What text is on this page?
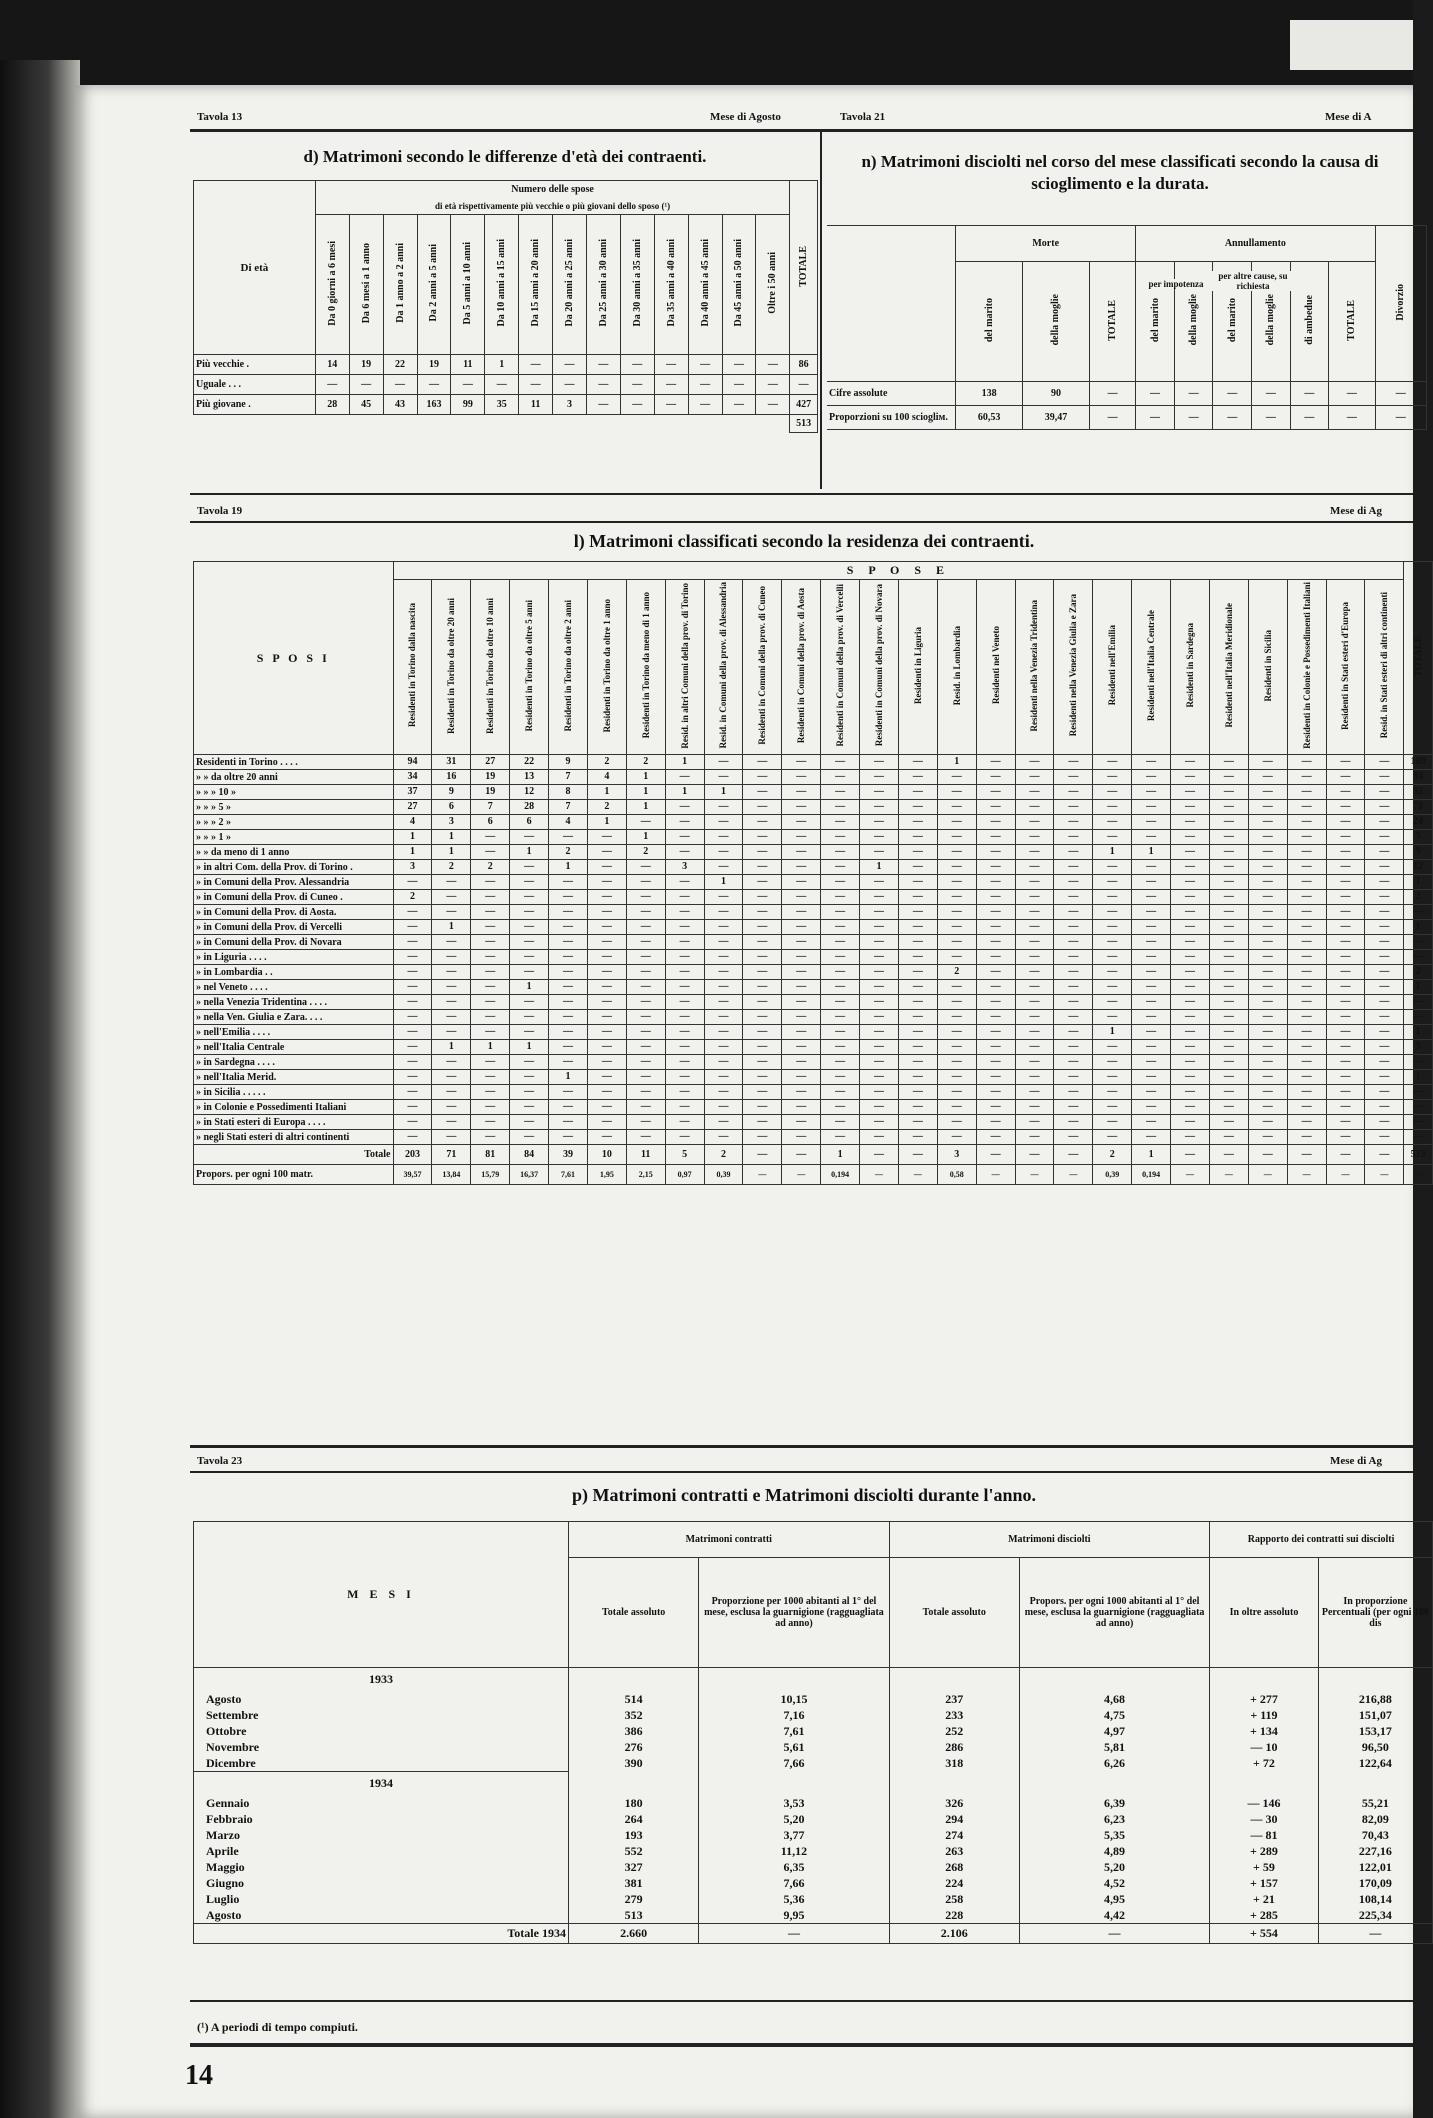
Tavola 13	Mese di Agosto	Tavola 21	Mese di A
d) Matrimoni secondo le differenze d'età dei contraenti.
Di età	Numero delle spose														TOTALE
	di età rispettivamente più vecchie o più giovani dello sposo (¹)														
	Da 0 giorni a 6 mesi	Da 6 mesi a 1 anno	Da 1 anno a 2 anni	Da 2 anni a 5 anni	Da 5 anni a 10 anni	Da 10 anni a 15 anni	Da 15 anni a 20 anni	Da 20 anni a 25 anni	Da 25 anni a 30 anni	Da 30 anni a 35 anni	Da 35 anni a 40 anni	Da 40 anni a 45 anni	Da 45 anni a 50 anni	Oltre i 50 anni	
Più vecchie .	14	19	22	19	11	1	—	—	—	—	—	—	—	—	86
Uguale . . .	—	—	—	—	—	—	—	—	—	—	—	—	—	—	—
Più giovane .	28	45	43	163	99	35	11	3	—	—	—	—	—	—	427
															513
n) Matrimoni disciolti nel corso del mese classificati secondo la causa di scioglimento e la durata.
	Morte			Annullamento						Divorzio
	del marito	della moglie	TOTALE	del marito	della moglie	del marito	della moglie	di ambedue	TOTALE	
Cifre assolute	138	90	—	—	—	—	—	—	—	—
Proporzioni su 100 sciogliм.	60,53	39,47	—	—	—	—	—	—	—	—
Tavola 19	Mese di Ag
l) Matrimoni classificati secondo la residenza dei contraenti.
S P O S I	S P O S E																										TOTALE
	Residenti in Torino dalla nascita	Residenti in Torino da oltre 20 anni	Residenti in Torino da oltre 10 anni	Residenti in Torino da oltre 5 anni	Residenti in Torino da oltre 2 anni	Residenti in Torino da oltre 1 anno	Residenti in Torino da meno di 1 anno	Resid. in altri Comuni della prov. di Torino	Resid. in Comuni della prov. di Alessandria	Residenti in Comuni della prov. di Cuneo	Residenti in Comuni della prov. di Aosta	Residenti in Comuni della prov. di Vercelli	Residenti in Comuni della prov. di Novara	Residenti in Liguria	Resid. in Lombardia	Residenti nel Veneto	Residenti nella Venezia Tridentina	Residenti nella Venezia Giulia e Zara	Residenti nell'Emilia	Residenti nell'Italia Centrale	Residenti in Sardegna	Residenti nell'Italia Meridionale	Residenti in Sicilia	Residenti in Colonie e Possedimenti Italiani	Residenti in Stati esteri d'Europa	Resid. in Stati esteri di altri continenti	
Residenti in Torino . . . .	94	31	27	22	9	2	2	1	—	—	—	—	—	—	1	—	—	—	—	—	—	—	—	—	—	—	189
» » da oltre 20 anni	34	16	19	13	7	4	1	—	—	—	—	—	—	—	—	—	—	—	—	—	—	—	—	—	—	—	94
» » » 10 »	37	9	19	12	8	1	1	1	1	—	—	—	—	—	—	—	—	—	—	—	—	—	—	—	—	—	92
» » » 5 »	27	6	7	28	7	2	1	—	—	—	—	—	—	—	—	—	—	—	—	—	—	—	—	—	—	—	78
» » » 2 »	4	3	6	6	4	1	—	—	—	—	—	—	—	—	—	—	—	—	—	—	—	—	—	—	—	—	24
» » » 1 »	1	1	—	—	—	—	1	—	—	—	—	—	—	—	—	—	—	—	—	—	—	—	—	—	—	—	3
» » da meno di 1 anno	1	1	—	1	2	—	2	—	—	—	—	—	—	—	—	—	—	—	1	1	—	—	—	—	—	—	9
» in altri Com. della Prov. di Torino .	3	2	2	—	1	—	—	3	—	—	—	—	1	—	—	—	—	—	—	—	—	—	—	—	—	—	12
» in Comuni della Prov. Alessandria	—	—	—	—	—	—	—	—	1	—	—	—	—	—	—	—	—	—	—	—	—	—	—	—	—	—	1
» in Comuni della Prov. di Cuneo .	2	—	—	—	—	—	—	—	—	—	—	—	—	—	—	—	—	—	—	—	—	—	—	—	—	—	2
» in Comuni della Prov. di Aosta.	—	—	—	—	—	—	—	—	—	—	—	—	—	—	—	—	—	—	—	—	—	—	—	—	—	—	—
» in Comuni della Prov. di Vercelli	—	1	—	—	—	—	—	—	—	—	—	—	—	—	—	—	—	—	—	—	—	—	—	—	—	—	1
» in Comuni della Prov. di Novara	—	—	—	—	—	—	—	—	—	—	—	—	—	—	—	—	—	—	—	—	—	—	—	—	—	—	—
» in Liguria . . . .	—	—	—	—	—	—	—	—	—	—	—	—	—	—	—	—	—	—	—	—	—	—	—	—	—	—	—
» in Lombardia . .	—	—	—	—	—	—	—	—	—	—	—	—	—	—	2	—	—	—	—	—	—	—	—	—	—	—	2
» nel Veneto . . . .	—	—	—	1	—	—	—	—	—	—	—	—	—	—	—	—	—	—	—	—	—	—	—	—	—	—	1
» nella Venezia Tridentina . . . .	—	—	—	—	—	—	—	—	—	—	—	—	—	—	—	—	—	—	—	—	—	—	—	—	—	—	—
» nella Ven. Giulia e Zara. . . .	—	—	—	—	—	—	—	—	—	—	—	—	—	—	—	—	—	—	—	—	—	—	—	—	—	—	—
» nell'Emilia . . . .	—	—	—	—	—	—	—	—	—	—	—	—	—	—	—	—	—	—	1	—	—	—	—	—	—	—	1
» nell'Italia Centrale	—	1	1	1	—	—	—	—	—	—	—	—	—	—	—	—	—	—	—	—	—	—	—	—	—	—	3
» in Sardegna . . . .	—	—	—	—	—	—	—	—	—	—	—	—	—	—	—	—	—	—	—	—	—	—	—	—	—	—	—
» nell'Italia Merid.	—	—	—	—	1	—	—	—	—	—	—	—	—	—	—	—	—	—	—	—	—	—	—	—	—	—	1
» in Sicilia . . . . .	—	—	—	—	—	—	—	—	—	—	—	—	—	—	—	—	—	—	—	—	—	—	—	—	—	—	—
» in Colonie e Possedimenti Italiani	—	—	—	—	—	—	—	—	—	—	—	—	—	—	—	—	—	—	—	—	—	—	—	—	—	—	—
» in Stati esteri di Europa . . . .	—	—	—	—	—	—	—	—	—	—	—	—	—	—	—	—	—	—	—	—	—	—	—	—	—	—	—
» negli Stati esteri di altri continenti	—	—	—	—	—	—	—	—	—	—	—	—	—	—	—	—	—	—	—	—	—	—	—	—	—	—	—
Totale	203	71	81	84	39	10	11	5	2	—	—	1	—	—	3	—	—	—	2	1	—	—	—	—	—	—	513
Propors. per ogni 100 matr.	39,57	13,84	15,79	16,37	7,61	1,95	2,15	0,97	0,39	—	—	0,194	—	—	0,58	—	—	—	0,39	0,194	—	—	—	—	—	—	—
Tavola 23	Mese di Ag
p) Matrimoni contratti e Matrimoni disciolti durante l'anno.
M E S I	Matrimoni contratti		Matrimoni disciolti		Rapporto dei contratti sui disciolti	
	Totale assoluto	Proporzione per 1000 abitanti al 1° del mese, esclusa la guarnigione (ragguagliata ad anno)	Totale assoluto	Propors. per ogni 1000 abitanti al 1° del mese, esclusa la guarnigione (ragguagliata ad anno)	In oltre assoluto	In proporzione Percentuali (per ogni 100 dis
1933						
Agosto	514	10,15	237	4,68	+ 277	216,88
Settembre	352	7,16	233	4,75	+ 119	151,07
Ottobre	386	7,61	252	4,97	+ 134	153,17
Novembre	276	5,61	286	5,81	— 10	96,50
Dicembre	390	7,66	318	6,26	+ 72	122,64
1934						
Gennaio	180	3,53	326	6,39	— 146	55,21
Febbraio	264	5,20	294	6,23	— 30	82,09
Marzo	193	3,77	274	5,35	— 81	70,43
Aprile	552	11,12	263	4,89	+ 289	227,16
Maggio	327	6,35	268	5,20	+ 59	122,01
Giugno	381	7,66	224	4,52	+ 157	170,09
Luglio	279	5,36	258	4,95	+ 21	108,14
Agosto	513	9,95	228	4,42	+ 285	225,34
Totale 1934	2.660	—	2.106	—	+ 554	—
(¹) A periodi di tempo compiuti.
14
per impotenza
per altre cause, su richiesta
